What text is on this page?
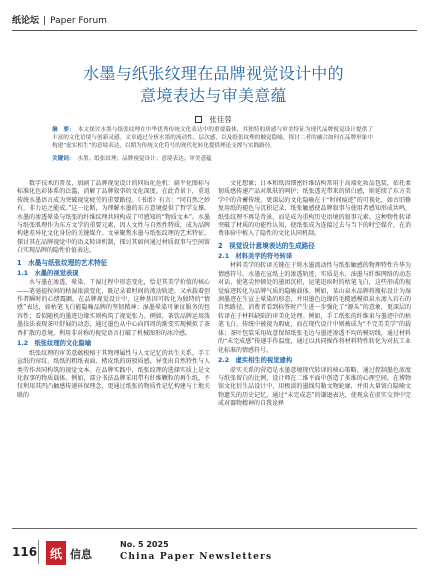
纸论坛 | Paper Forum
水墨与纸张纹理在品牌视觉设计中的
意境表达与审美意蕴
张佳蓉

摘　要： 本文探讨水墨与纸张纹理在中华优秀传统文化表达中的重要载体，其独特的质感与审美特征为现代品牌视觉设计提供了丰富的文化语境与创新灵感。文章通过分析水墨的流动性、层次感，以及纸张纹理的触觉隐喻，探讨二者的融合如何在品牌形象中构建“虚实相生”的意境表达，以期为传统文化符号的现代化转化提供理论支撑与实践路径。

关键词： 水墨；纸张纹理；品牌视觉设计；意境表达；审美意蕴

数字技术的普及，加剧了品牌视觉设计的同质化危机：扁平化图标与标准化色彩体系的泛滥，消解了品牌叙事的文化深度。在此背景下，重返传统水墨语言成为突破视觉疲劳的重要路径。《书谱》有言：“同自然之妙有，非力运之能成。”这一论断，为理解水墨的东方意境提供了哲学支撑。水墨的渗透晕染与纸张的纤维纹理共同构成了可感知的“物质文本”。水墨与纸张肌理作为东方文学的重要元素，因人文性与自然性特质，成为品牌构建差异化文化身份的关键媒介。文章聚焦水墨与纸张纹理的艺术特征，探讨其在品牌视觉中的语义转译机制，探讨其如何通过材质叙事与空间留白实现品牌的隐性价值表达。

1　水墨与纸张纹理的艺术特征
1.1　水墨的视觉表现

水与墨在渗透、晕染、干湿过程中形态变化，恰是其美学价值的核心——笔毫提按间的枯湿浓淡变化，既记录着时间的流动轨迹，又承载着创作者瞬时的心绪震颤。在品牌视觉设计中，这种基因可转化为独特的“情感”表达，如枯笔飞白能隐喻品牌的坚韧精神；湿墨晕染可象征服务的包容性；看似随机的墨迹边缘实则构筑了视觉张力。例如，茶饮品牌运用泼墨技法表现茶叶舒展的动态，通过墨色从中心向四周的渐变实现模拟了茶香扩散的意境，利用非对称的视觉语言打破了机械图形的冰冷感。

1.2　纸张纹理的文化隐喻

纸张纹理的审美意蕴根植于其物理属性与人文记忆的共生关系。手工宣纸的帘纹、纸纸的粗纸表面、楮皮纸的斑驳质感，异变出自然特性与人类劳作共同构筑的视觉文本。在品牌实践中，纸张纹理的选择实质上是文化叙事的物质载体。例如，部分书法品牌采用带有纤维颗粒的再生纸，不仅利用其凹凸触感传递环保理念，更通过纸张的物质性记忆构建与土地关联的

文化想象；日本和纸因细密纤维结构常用于高端化妆品包装，依托柔韧质感传递产品对肌肤的呵护；纸张透光带来的留白感，则延续了东方美学中的含蓄传统。更深层的文化隐喻在于“时间痕迹”的可视化，如古旧修复用纸的褪色与沉积记录，纸张触感使品牌叙事与使用者感知形成共鸣，纸张纹理不再是背景，而是成为重构历史语境的叙事元素。这种物性转译突破了材质的功能性认知，使纸张成为连接过去与当下的时空媒介，在消费体验中植入了隐性的文化认同机制。

2　视觉设计意境表达的生成路径
2.1　材料美学的符号转译

材料美学的转译关键在于将水墨流动性与纸张触感的物理特性升华为情感符号。水墨在宣纸上的渗透轨迹，实质是水、油墨与纤维网络的动态对话，使笔尖停顿处的墨团沉积，运笔迅疾时的枯笔飞白，这些形成的视觉痕迹转化为品牌气质的隐喻载体。例如，某山泉水品牌将瓶标设计为湿润墨迹在生宣上晕染的形态，并用墨色边缘的毛糙感模拟泉水渗入岩石的自然路径，消费者看到标签时产生进一步强化了“源头”的意象，更深层的转译在于材料缺陷的审美化处理。例如，手工纸张的纤维束与墨迹中的枯笔飞白，传统中被视为瑕疵，而在现代设计中则被成为“不完美美学”的载体；茶叶包装采用故意保留纸张毛边与墨迹渗透不均的模切线，通过材料的“未完成感”传递手作温度，通过以共同操作将材料特性转化为对抗工业化标准的情感符号。

2.2　虚实相生的视觉建构

虚实关系的营造是水墨意境现代转译的核心策略，通过控制墨色浓度与纸张留白的比例，设计师在二维平面中创造了多维的心理空间。在博物馆文化衍生品设计中，用极淡的墨线勾勒文物轮廓，并用大量留白隐喻文物遗失的历史记忆，通过“未完成态”的谦逊表达，使观众在虚实交替中完成对器物精神的自我诠释

116 纸 信息
No. 5 2025
China Paper Newsletters
